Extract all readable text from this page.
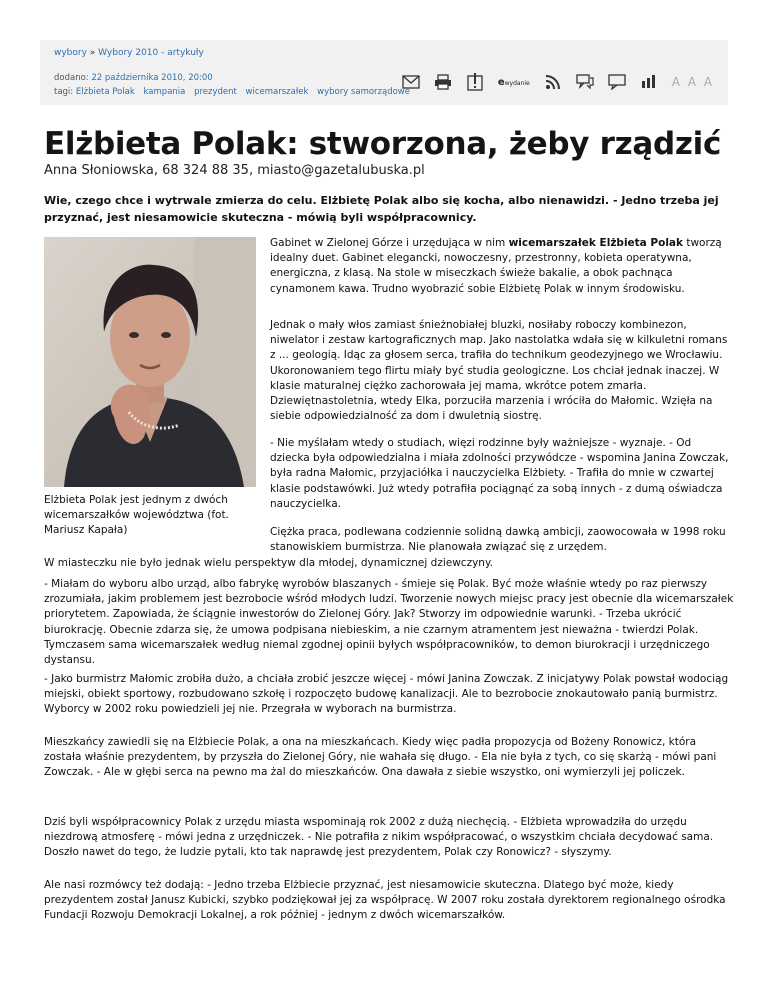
wybory » Wybory 2010 - artykuły
dodano: 22 października 2010, 20:00
tagi: Elżbieta Polak kampania prezydent wicemarszałek wybory samorządowe
ewydanie	A A A
Elżbieta Polak: stworzona, żeby rządzić
Anna Słoniowska, 68 324 88 35, miasto@gazetalubuska.pl

Wie, czego chce i wytrwale zmierza do celu. Elżbietę Polak albo się kocha, albo nienawidzi. - Jedno trzeba jej przyznać, jest niesamowicie skuteczna - mówią byli współpracownicy.

Elżbieta Polak jest jednym z dwóch wicemarszałków województwa (fot. Mariusz Kapała)

Gabinet w Zielonej Górze i urzędująca w nim wicemarszałek Elżbieta Polak tworzą idealny duet. Gabinet elegancki, nowoczesny, przestronny, kobieta operatywna, energiczna, z klasą. Na stole w miseczkach świeże bakalie, a obok pachnąca cynamonem kawa. Trudno wyobrazić sobie Elżbietę Polak w innym środowisku.

Jednak o mały włos zamiast śnieżnobiałej bluzki, nosiłaby roboczy kombinezon, niwelator i zestaw kartograficznych map. Jako nastolatka wdała się w kilkuletni romans z ... geologią. Idąc za głosem serca, trafiła do technikum geodezyjnego we Wrocławiu. Ukoronowaniem tego flirtu miały być studia geologiczne. Los chciał jednak inaczej. W klasie maturalnej ciężko zachorowała jej mama, wkrótce potem zmarła. Dziewiętnastoletnia, wtedy Elka, porzuciła marzenia i wróciła do Małomic. Wzięła na siebie odpowiedzialność za dom i dwuletnią siostrę.

- Nie myślałam wtedy o studiach, więzi rodzinne były ważniejsze - wyznaje. - Od dziecka była odpowiedzialna i miała zdolności przywódcze - wspomina Janina Zowczak, była radna Małomic, przyjaciółka i nauczycielka Elżbiety. - Trafiła do mnie w czwartej klasie podstawówki. Już wtedy potrafiła pociągnąć za sobą innych - z dumą oświadcza nauczycielka.

Ciężka praca, podlewana codziennie solidną dawką ambicji, zaowocowała w 1998 roku stanowiskiem burmistrza. Nie planowała związać się z urzędem.

W miasteczku nie było jednak wielu perspektyw dla młodej, dynamicznej dziewczyny.

- Miałam do wyboru albo urząd, albo fabrykę wyrobów blaszanych - śmieje się Polak. Być może właśnie wtedy po raz pierwszy zrozumiała, jakim problemem jest bezrobocie wśród młodych ludzi. Tworzenie nowych miejsc pracy jest obecnie dla wicemarszałek priorytetem. Zapowiada, że ściągnie inwestorów do Zielonej Góry. Jak? Stworzy im odpowiednie warunki. - Trzeba ukrócić biurokrację. Obecnie zdarza się, że umowa podpisana niebieskim, a nie czarnym atramentem jest nieważna - twierdzi Polak. Tymczasem sama wicemarszałek według niemal zgodnej opinii byłych współpracowników, to demon biurokracji i urzędniczego dystansu.

- Jako burmistrz Małomic zrobiła dużo, a chciała zrobić jeszcze więcej - mówi Janina Zowczak. Z inicjatywy Polak powstał wodociąg miejski, obiekt sportowy, rozbudowano szkołę i rozpoczęto budowę kanalizacji. Ale to bezrobocie znokautowało panią burmistrz. Wyborcy w 2002 roku powiedzieli jej nie. Przegrała w wyborach na burmistrza.

Mieszkańcy zawiedli się na Elżbiecie Polak, a ona na mieszkańcach. Kiedy więc padła propozycja od Bożeny Ronowicz, która została właśnie prezydentem, by przyszła do Zielonej Góry, nie wahała się długo. - Ela nie była z tych, co się skarżą - mówi pani Zowczak. - Ale w głębi serca na pewno ma żal do mieszkańców. Ona dawała z siebie wszystko, oni wymierzyli jej policzek.

Dziś byli współpracownicy Polak z urzędu miasta wspominają rok 2002 z dużą niechęcią. - Elżbieta wprowadziła do urzędu niezdrową atmosferę - mówi jedna z urzędniczek. - Nie potrafiła z nikim współpracować, o wszystkim chciała decydować sama. Doszło nawet do tego, że ludzie pytali, kto tak naprawdę jest prezydentem, Polak czy Ronowicz? - słyszymy.

Ale nasi rozmówcy też dodają: - Jedno trzeba Elżbiecie przyznać, jest niesamowicie skuteczna. Dlatego być może, kiedy prezydentem został Janusz Kubicki, szybko podziękował jej za współpracę. W 2007 roku została dyrektorem regionalnego ośrodka Fundacji Rozwoju Demokracji Lokalnej, a rok później - jednym z dwóch wicemarszałków.
